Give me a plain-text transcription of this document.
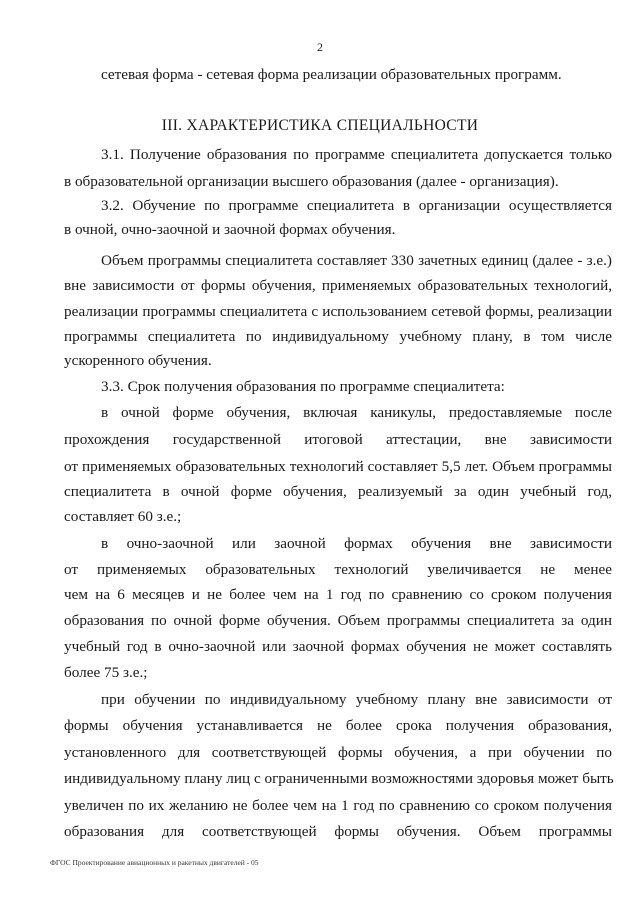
2
сетевая форма - сетевая форма реализации образовательных программ.
III. ХАРАКТЕРИСТИКА СПЕЦИАЛЬНОСТИ
3.1. Получение образования по программе специалитета допускается только
в образовательной организации высшего образования (далее - организация).
3.2. Обучение по программе специалитета в организации осуществляется
в очной, очно-заочной и заочной формах обучения.
Объем программы специалитета составляет 330 зачетных единиц (далее - з.е.)
вне зависимости от формы обучения, применяемых образовательных технологий,
реализации программы специалитета с использованием сетевой формы, реализации
программы специалитета по индивидуальному учебному плану, в том числе
ускоренного обучения.
3.3. Срок получения образования по программе специалитета:
в очной форме обучения, включая каникулы, предоставляемые после
прохождения государственной итоговой аттестации, вне зависимости
от применяемых образовательных технологий составляет 5,5 лет. Объем программы
специалитета в очной форме обучения, реализуемый за один учебный год,
составляет 60 з.е.;
в очно-заочной или заочной формах обучения вне зависимости
от применяемых образовательных технологий увеличивается не менее
чем на 6 месяцев и не более чем на 1 год по сравнению со сроком получения
образования по очной форме обучения. Объем программы специалитета за один
учебный год в очно-заочной или заочной формах обучения не может составлять
более 75 з.е.;
при обучении по индивидуальному учебному плану вне зависимости от
формы обучения устанавливается не более срока получения образования,
установленного для соответствующей формы обучения, а при обучении по
индивидуальному плану лиц с ограниченными возможностями здоровья может быть
увеличен по их желанию не более чем на 1 год по сравнению со сроком получения
образования для соответствующей формы обучения. Объем программы
ФГОС Проектирование авиационных и ракетных двигателей - 05
